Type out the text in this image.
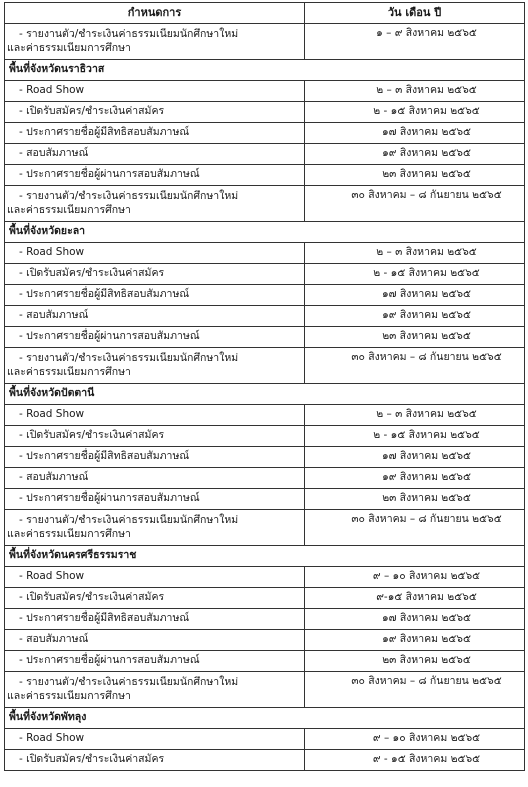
กำหนดการ	วัน เดือน ปี
- รายงานตัว/ชำระเงินค่าธรรมเนียมนักศึกษาใหม่
และค่าธรรมเนียมการศึกษา	๑ – ๙ สิงหาคม ๒๕๖๕
พื้นที่จังหวัดนราธิวาส	
- Road Show	๒ – ๓ สิงหาคม ๒๕๖๕
- เปิดรับสมัคร/ชำระเงินค่าสมัคร	๒ - ๑๕ สิงหาคม ๒๕๖๕
- ประกาศรายชื่อผู้มีสิทธิสอบสัมภาษณ์	๑๗ สิงหาคม ๒๕๖๕
- สอบสัมภาษณ์	๑๙ สิงหาคม ๒๕๖๕
- ประกาศรายชื่อผู้ผ่านการสอบสัมภาษณ์	๒๓ สิงหาคม ๒๕๖๕
- รายงานตัว/ชำระเงินค่าธรรมเนียมนักศึกษาใหม่
และค่าธรรมเนียมการศึกษา	๓๐ สิงหาคม – ๘ กันยายน ๒๕๖๕
พื้นที่จังหวัดยะลา	
- Road Show	๒ – ๓ สิงหาคม ๒๕๖๕
- เปิดรับสมัคร/ชำระเงินค่าสมัคร	๒ - ๑๕ สิงหาคม ๒๕๖๕
- ประกาศรายชื่อผู้มีสิทธิสอบสัมภาษณ์	๑๗ สิงหาคม ๒๕๖๕
- สอบสัมภาษณ์	๑๙ สิงหาคม ๒๕๖๕
- ประกาศรายชื่อผู้ผ่านการสอบสัมภาษณ์	๒๓ สิงหาคม ๒๕๖๕
- รายงานตัว/ชำระเงินค่าธรรมเนียมนักศึกษาใหม่
และค่าธรรมเนียมการศึกษา	๓๐ สิงหาคม – ๘ กันยายน ๒๕๖๕
พื้นที่จังหวัดปัตตานี	
- Road Show	๒ – ๓ สิงหาคม ๒๕๖๕
- เปิดรับสมัคร/ชำระเงินค่าสมัคร	๒ - ๑๕ สิงหาคม ๒๕๖๕
- ประกาศรายชื่อผู้มีสิทธิสอบสัมภาษณ์	๑๗ สิงหาคม ๒๕๖๕
- สอบสัมภาษณ์	๑๙ สิงหาคม ๒๕๖๕
- ประกาศรายชื่อผู้ผ่านการสอบสัมภาษณ์	๒๓ สิงหาคม ๒๕๖๕
- รายงานตัว/ชำระเงินค่าธรรมเนียมนักศึกษาใหม่
และค่าธรรมเนียมการศึกษา	๓๐ สิงหาคม – ๘ กันยายน ๒๕๖๕
พื้นที่จังหวัดนครศรีธรรมราช	
- Road Show	๙ – ๑๐ สิงหาคม ๒๕๖๕
- เปิดรับสมัคร/ชำระเงินค่าสมัคร	๙-๑๕ สิงหาคม ๒๕๖๕
- ประกาศรายชื่อผู้มีสิทธิสอบสัมภาษณ์	๑๗ สิงหาคม ๒๕๖๕
- สอบสัมภาษณ์	๑๙ สิงหาคม ๒๕๖๕
- ประกาศรายชื่อผู้ผ่านการสอบสัมภาษณ์	๒๓ สิงหาคม ๒๕๖๕
- รายงานตัว/ชำระเงินค่าธรรมเนียมนักศึกษาใหม่
และค่าธรรมเนียมการศึกษา	๓๐ สิงหาคม – ๘ กันยายน ๒๕๖๕
พื้นที่จังหวัดพัทลุง	
- Road Show	๙ – ๑๐ สิงหาคม ๒๕๖๕
- เปิดรับสมัคร/ชำระเงินค่าสมัคร	๙ - ๑๕ สิงหาคม ๒๕๖๕
